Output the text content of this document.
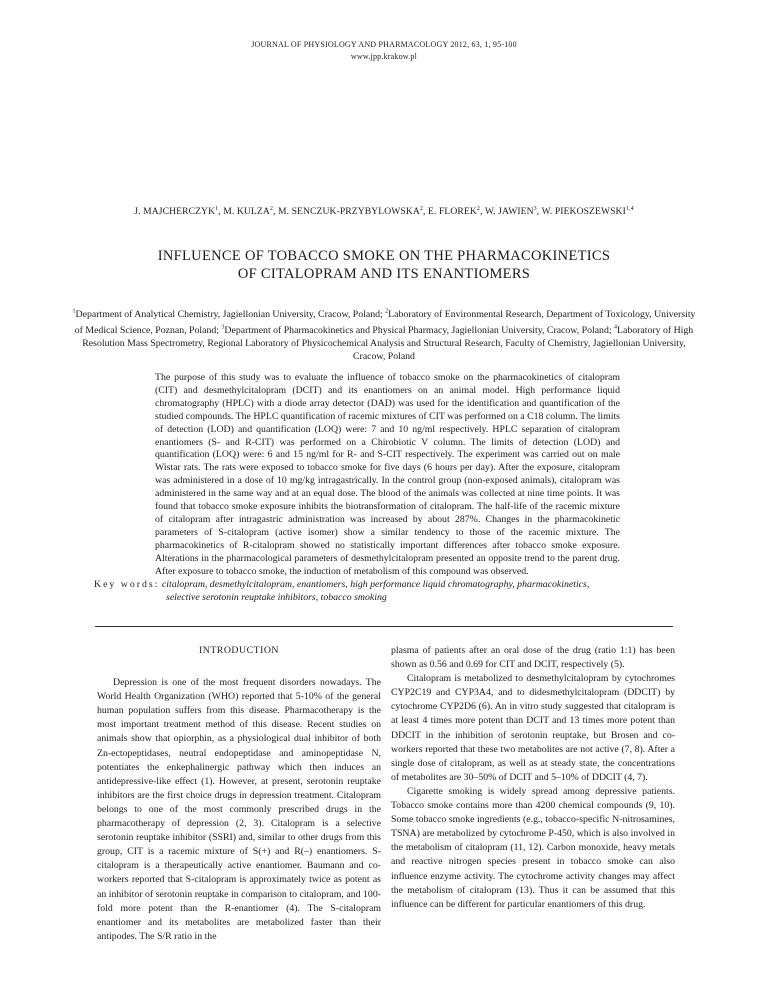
JOURNAL OF PHYSIOLOGY AND PHARMACOLOGY 2012, 63, 1, 95-100
www.jpp.krakow.pl
J. MAJCHERCZYK$^1$, M. KULZA$^2$, M. SENCZUK-PRZYBYLOWSKA$^2$, E. FLOREK$^2$, W. JAWIEN$^3$, W. PIEKOSZEWSKI$^{1,4}$
INFLUENCE OF TOBACCO SMOKE ON THE PHARMACOKINETICS
OF CITALOPRAM AND ITS ENANTIOMERS
$^1$Department of Analytical Chemistry, Jagiellonian University, Cracow, Poland; $^2$Laboratory of Environmental Research, Department of Toxicology, University of Medical Science, Poznan, Poland; $^3$Department of Pharmacokinetics and Physical Pharmacy, Jagiellonian University, Cracow, Poland; $^4$Laboratory of High Resolution Mass Spectrometry, Regional Laboratory of Physicochemical Analysis and Structural Research, Faculty of Chemistry, Jagiellonian University, Cracow, Poland
The purpose of this study was to evaluate the influence of tobacco smoke on the pharmacokinetics of citalopram (CIT) and desmethylcitalopram (DCIT) and its enantiomers on an animal model. High performance liquid chromatography (HPLC) with a diode array detector (DAD) was used for the identification and quantification of the studied compounds. The HPLC quantification of racemic mixtures of CIT was performed on a C18 column. The limits of detection (LOD) and quantification (LOQ) were: 7 and 10 ng/ml respectively. HPLC separation of citalopram enantiomers (S- and R-CIT) was performed on a Chirobiotic V column. The limits of detection (LOD) and quantification (LOQ) were: 6 and 15 ng/ml for R- and S-CIT respectively. The experiment was carried out on male Wistar rats. The rats were exposed to tobacco smoke for five days (6 hours per day). After the exposure, citalopram was administered in a dose of 10 mg/kg intragastrically. In the control group (non-exposed animals), citalopram was administered in the same way and at an equal dose. The blood of the animals was collected at nine time points. It was found that tobacco smoke exposure inhibits the biotransformation of citalopram. The half-life of the racemic mixture of citalopram after intragastric administration was increased by about 287%. Changes in the pharmacokinetic parameters of S-citalopram (active isomer) show a similar tendency to those of the racemic mixture. The pharmacokinetics of R-citalopram showed no statistically important differences after tobacco smoke exposure. Alterations in the pharmacological parameters of desmethylcitalopram presented an opposite trend to the parent drug. After exposure to tobacco smoke, the induction of metabolism of this compound was observed.
Key words: citalopram, desmethylcitalopram, enantiomers, high performance liquid chromatography, pharmacokinetics,
selective serotonin reuptake inhibitors, tobacco smoking

INTRODUCTION

Depression is one of the most frequent disorders nowadays. The World Health Organization (WHO) reported that 5-10% of the general human population suffers from this disease. Pharmacotherapy is the most important treatment method of this disease. Recent studies on animals show that opiorphin, as a physiological dual inhibitor of both Zn-ectopeptidases, neutral endopeptidase and aminopeptidase N, potentiates the enkephalinergic pathway which then induces an antidepressive-like effect (1). However, at present, serotonin reuptake inhibitors are the first choice drugs in depression treatment. Citalopram belongs to one of the most commonly prescribed drugs in the pharmacotherapy of depression (2, 3). Citalopram is a selective serotonin reuptake inhibitor (SSRI) and, similar to other drugs from this group, CIT is a racemic mixture of S(+) and R(–) enantiomers. S-citalopram is a therapeutically active enantiomer. Baumann and co-workers reported that S-citalopram is approximately twice as potent as an inhibitor of serotonin reuptake in comparison to citalopram, and 100-fold more potent than the R-enantiomer (4). The S-citalopram enantiomer and its metabolites are metabolized faster than their antipodes. The S/R ratio in the

plasma of patients after an oral dose of the drug (ratio 1:1) has been shown as 0.56 and 0.69 for CIT and DCIT, respectively (5).

Citalopram is metabolized to desmethylcitalopram by cytochromes CYP2C19 and CYP3A4, and to didesmethylcitalopram (DDCIT) by cytochrome CYP2D6 (6). An in vitro study suggested that citalopram is at least 4 times more potent than DCIT and 13 times more potent than DDCIT in the inhibition of serotonin reuptake, but Brosen and co-workers reported that these two metabolites are not active (7, 8). After a single dose of citalopram, as well as at steady state, the concentrations of metabolites are 30–50% of DCIT and 5–10% of DDCIT (4, 7).

Cigarette smoking is widely spread among depressive patients. Tobacco smoke contains more than 4200 chemical compounds (9, 10). Some tobacco smoke ingredients (e.g., tobacco-specific N-nitrosamines, TSNA) are metabolized by cytochrome P-450, which is also involved in the metabolism of citalopram (11, 12). Carbon monoxide, heavy metals and reactive nitrogen species present in tobacco smoke can also influence enzyme activity. The cytochrome activity changes may affect the metabolism of citalopram (13). Thus it can be assumed that this influence can be different for particular enantiomers of this drug.
